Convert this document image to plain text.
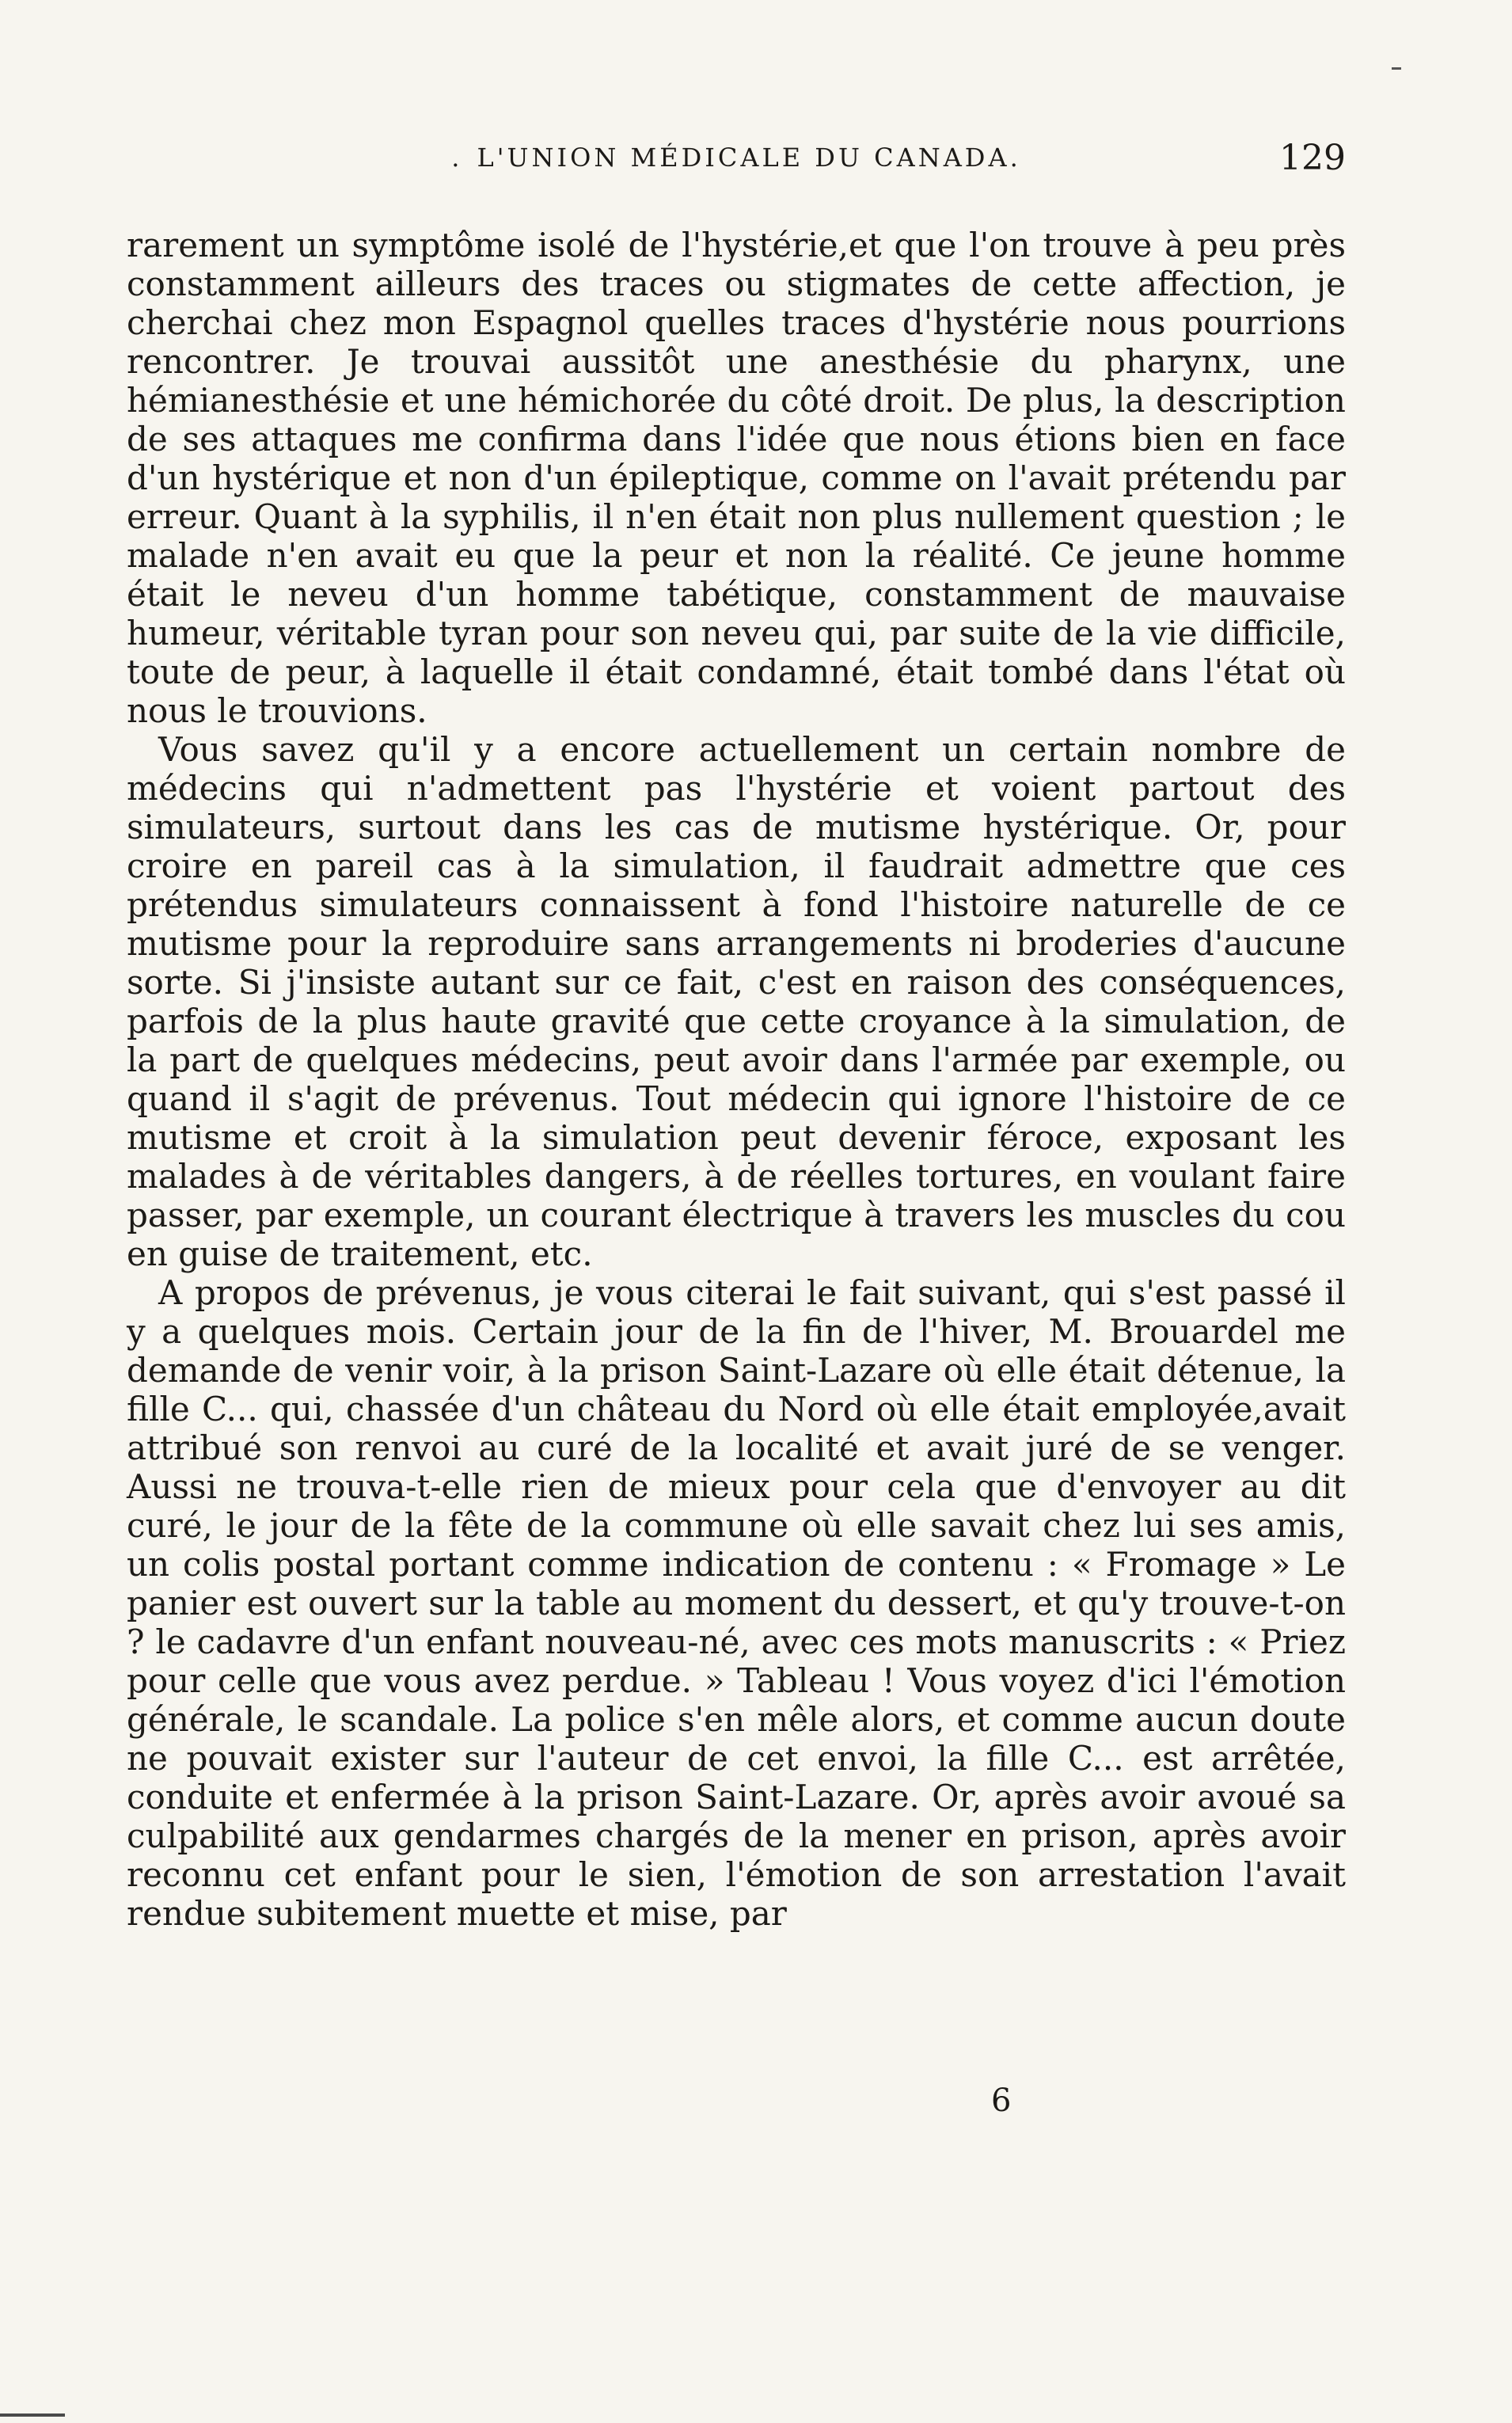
. L'UNION MÉDICALE DU CANADA.	129

rarement un symptôme isolé de l'hystérie,et que l'on trouve à peu près constamment ailleurs des traces ou stigmates de cette affection, je cherchai chez mon Espagnol quelles traces d'hystérie nous pourrions rencontrer. Je trouvai aussitôt une anesthésie du pharynx, une hémianesthésie et une hémichorée du côté droit. De plus, la description de ses attaques me confirma dans l'idée que nous étions bien en face d'un hystérique et non d'un épileptique, comme on l'avait prétendu par erreur. Quant à la syphilis, il n'en était non plus nullement question ; le malade n'en avait eu que la peur et non la réalité. Ce jeune homme était le neveu d'un homme tabétique, constamment de mauvaise humeur, véritable tyran pour son neveu qui, par suite de la vie difficile, toute de peur, à laquelle il était condamné, était tombé dans l'état où nous le trouvions.

Vous savez qu'il y a encore actuellement un certain nombre de médecins qui n'admettent pas l'hystérie et voient partout des simulateurs, surtout dans les cas de mutisme hystérique. Or, pour croire en pareil cas à la simulation, il faudrait admettre que ces prétendus simulateurs connaissent à fond l'histoire naturelle de ce mutisme pour la reproduire sans arrangements ni broderies d'aucune sorte. Si j'insiste autant sur ce fait, c'est en raison des conséquences, parfois de la plus haute gravité que cette croyance à la simulation, de la part de quelques médecins, peut avoir dans l'armée par exemple, ou quand il s'agit de prévenus. Tout médecin qui ignore l'histoire de ce mutisme et croit à la simulation peut devenir féroce, exposant les malades à de véritables dangers, à de réelles tortures, en voulant faire passer, par exemple, un courant électrique à travers les muscles du cou en guise de traitement, etc.

A propos de prévenus, je vous citerai le fait suivant, qui s'est passé il y a quelques mois. Certain jour de la fin de l'hiver, M. Brouardel me demande de venir voir, à la prison Saint-Lazare où elle était détenue, la fille C... qui, chassée d'un château du Nord où elle était employée,avait attribué son renvoi au curé de la localité et avait juré de se venger. Aussi ne trouva-t-elle rien de mieux pour cela que d'envoyer au dit curé, le jour de la fête de la commune où elle savait chez lui ses amis, un colis postal portant comme indication de contenu : « Fromage » Le panier est ouvert sur la table au moment du dessert, et qu'y trouve-t-on ? le cadavre d'un enfant nouveau-né, avec ces mots manuscrits : « Priez pour celle que vous avez perdue. » Tableau ! Vous voyez d'ici l'émotion générale, le scandale. La police s'en mêle alors, et comme aucun doute ne pouvait exister sur l'auteur de cet envoi, la fille C... est arrêtée, conduite et enfermée à la prison Saint-Lazare. Or, après avoir avoué sa culpabilité aux gendarmes chargés de la mener en prison, après avoir reconnu cet enfant pour le sien, l'émotion de son arrestation l'avait rendue subitement muette et mise, par

6
